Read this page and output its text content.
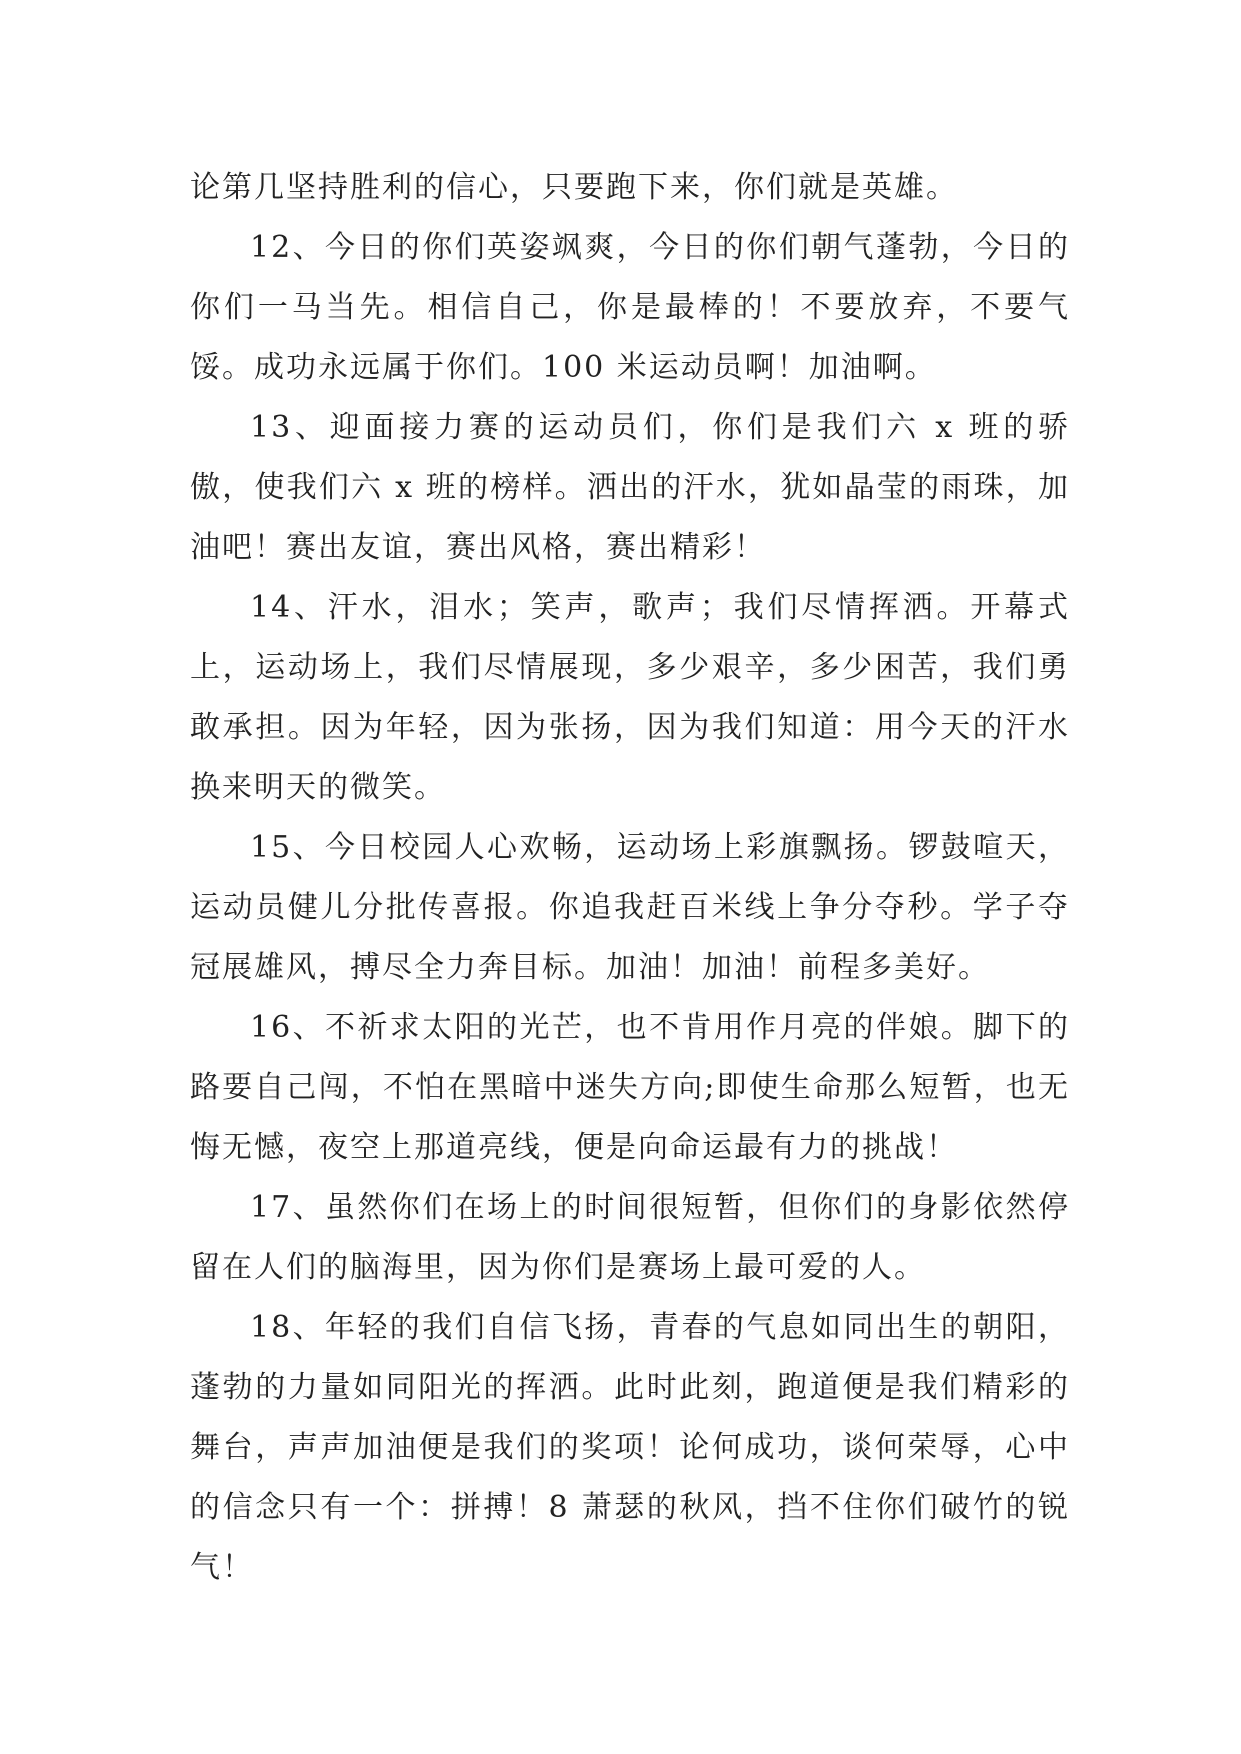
论第几坚持胜利的信心，只要跑下来，你们就是英雄。

12、今日的你们英姿飒爽，今日的你们朝气蓬勃，今日的你们一马当先。相信自己，你是最棒的！不要放弃，不要气馁。成功永远属于你们。100 米运动员啊！加油啊。

13、迎面接力赛的运动员们，你们是我们六 x 班的骄傲，使我们六 x 班的榜样。洒出的汗水，犹如晶莹的雨珠，加油吧！赛出友谊，赛出风格，赛出精彩！

14、汗水，泪水；笑声，歌声；我们尽情挥洒。开幕式上，运动场上，我们尽情展现，多少艰辛，多少困苦，我们勇敢承担。因为年轻，因为张扬，因为我们知道：用今天的汗水换来明天的微笑。

15、今日校园人心欢畅，运动场上彩旗飘扬。锣鼓喧天，运动员健儿分批传喜报。你追我赶百米线上争分夺秒。学子夺冠展雄风，搏尽全力奔目标。加油！加油！前程多美好。

16、不祈求太阳的光芒，也不肯用作月亮的伴娘。脚下的路要自己闯，不怕在黑暗中迷失方向;即使生命那么短暂，也无悔无憾，夜空上那道亮线，便是向命运最有力的挑战！

17、虽然你们在场上的时间很短暂，但你们的身影依然停留在人们的脑海里，因为你们是赛场上最可爱的人。

18、年轻的我们自信飞扬，青春的气息如同出生的朝阳，蓬勃的力量如同阳光的挥洒。此时此刻，跑道便是我们精彩的舞台，声声加油便是我们的奖项！论何成功，谈何荣辱，心中的信念只有一个：拼搏！8 萧瑟的秋风，挡不住你们破竹的锐气！
